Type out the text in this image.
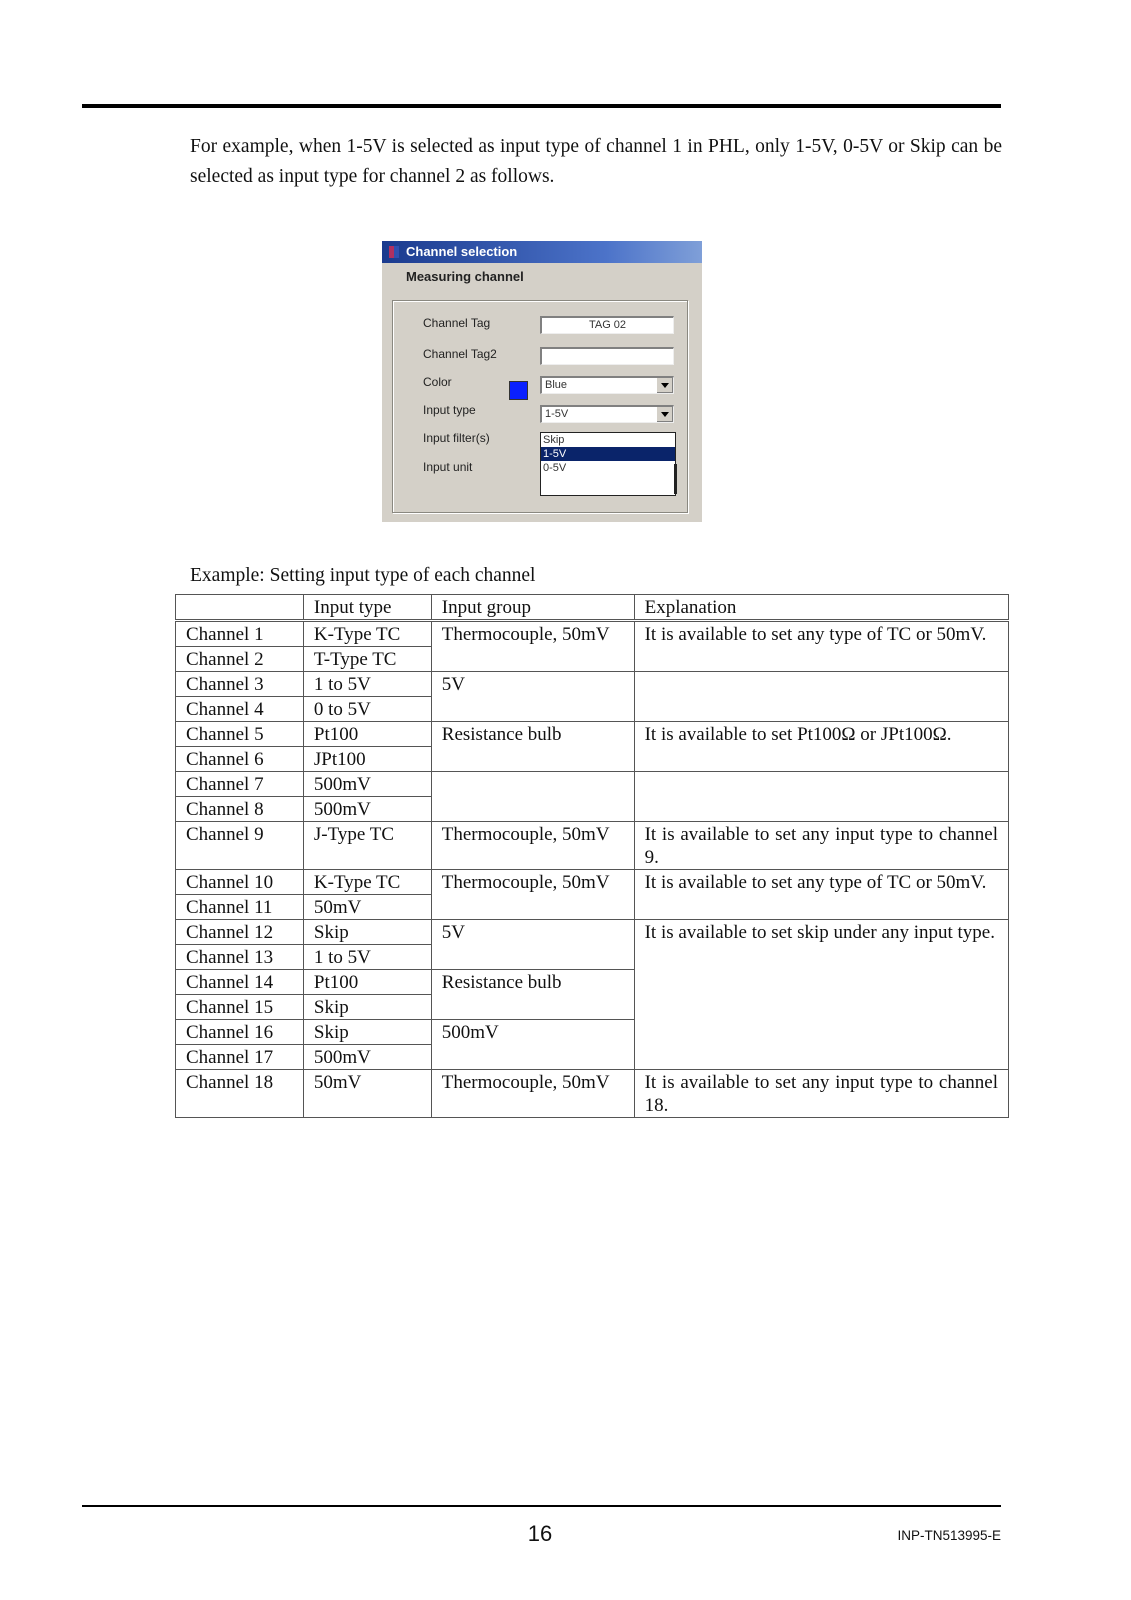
For example, when 1-5V is selected as input type of channel 1 in PHL, only 1-5V, 0-5V or Skip can be selected as input type for channel 2 as follows.
Channel selection
Measuring channel
Channel Tag	TAG 02
Channel Tag2
Color	Blue
Input type	1-5V
Input filter(s)
Input unit
Skip
1-5V
0-5V
Example: Setting input type of each channel
	Input type	Input group	Explanation
Channel 1	K-Type TC	Thermocouple, 50mV	It is available to set any type of TC or 50mV.
Channel 2	T-Type TC		
Channel 3	1 to 5V	5V	
Channel 4	0 to 5V		
Channel 5	Pt100	Resistance bulb	It is available to set Pt100Ω or JPt100Ω.
Channel 6	JPt100		
Channel 7	500mV		
Channel 8	500mV		
Channel 9	J-Type TC	Thermocouple, 50mV	It is available to set any input type to channel 9.
Channel 10	K-Type TC	Thermocouple, 50mV	It is available to set any type of TC or 50mV.
Channel 11	50mV		
Channel 12	Skip	5V	It is available to set skip under any input type.
Channel 13	1 to 5V		
Channel 14	Pt100	Resistance bulb	
Channel 15	Skip		
Channel 16	Skip	500mV	
Channel 17	500mV		
Channel 18	50mV	Thermocouple, 50mV	It is available to set any input type to channel 18.
16	INP-TN513995-E
